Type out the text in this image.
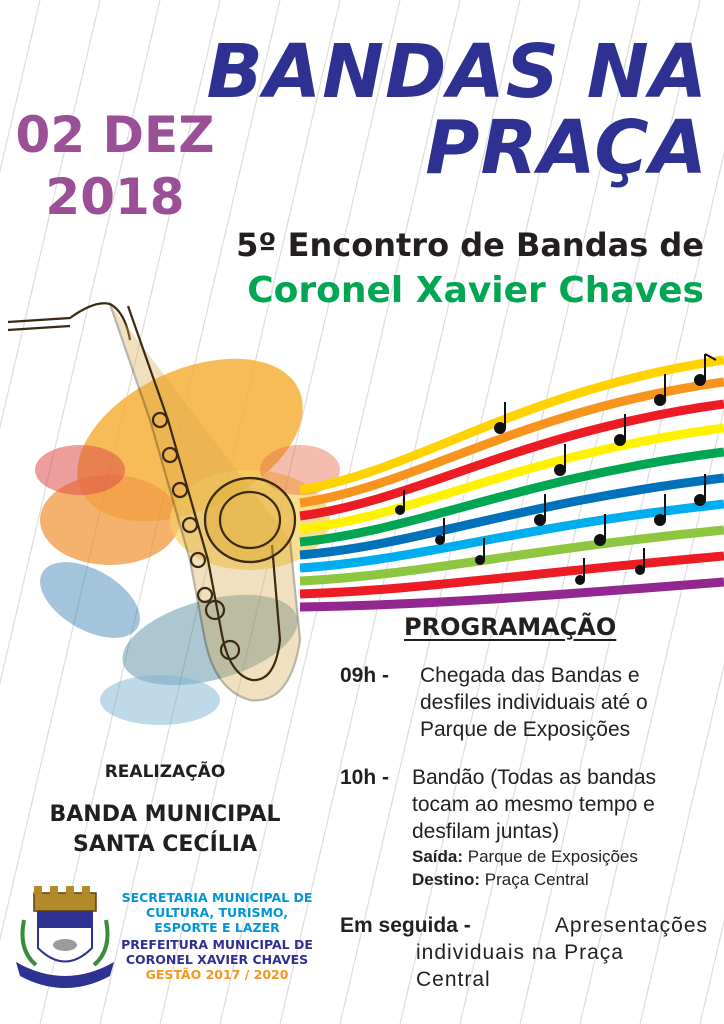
BANDAS NA
PRAÇA
02 DEZ
2018
5º Encontro de Bandas de
Coronel Xavier Chaves
PROGRAMAÇÃO
09h - Chegada das Bandas e
desfiles individuais até o
Parque de Exposições
10h - Bandão (Todas as bandas
tocam ao mesmo tempo e
desfilam juntas)
Saída: Parque de Exposições
Destino: Praça Central
Em seguida -	Apresentações
individuais na Praça
Central
REALIZAÇÃO
BANDA MUNICIPAL
SANTA CECÍLIA
SECRETARIA MUNICIPAL DE
CULTURA, TURISMO,
ESPORTE E LAZER
PREFEITURA MUNICIPAL DE
CORONEL XAVIER CHAVES
GESTÃO 2017 / 2020
